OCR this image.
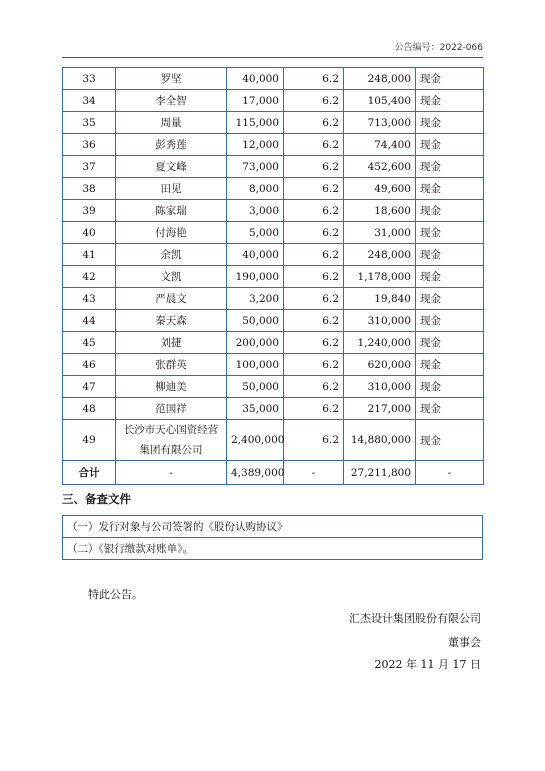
公告编号：2022-066
33	罗坚	40,000	6.2	248,000	现金
34	李全智	17,000	6.2	105,400	现金
35	周量	115,000	6.2	713,000	现金
36	彭秀莲	12,000	6.2	74,400	现金
37	夏文峰	73,000	6.2	452,600	现金
38	田见	8,000	6.2	49,600	现金
39	陈家瑞	3,000	6.2	18,600	现金
40	付海艳	5,000	6.2	31,000	现金
41	余凯	40,000	6.2	248,000	现金
42	文凯	190,000	6.2	1,178,000	现金
43	严晨文	3,200	6.2	19,840	现金
44	秦天森	50,000	6.2	310,000	现金
45	刘捷	200,000	6.2	1,240,000	现金
46	张群英	100,000	6.2	620,000	现金
47	柳迪美	50,000	6.2	310,000	现金
48	范国祥	35,000	6.2	217,000	现金
49	长沙市天心国资经营
集团有限公司	2,400,000	6.2	14,880,000	现金
合计	-	4,389,000	-	27,211,800	-
三、备查文件
（一）发行对象与公司签署的《股份认购协议》
（二）《银行缴款对账单》。
特此公告。
汇杰设计集团股份有限公司
董事会
2022 年 11 月 17 日
